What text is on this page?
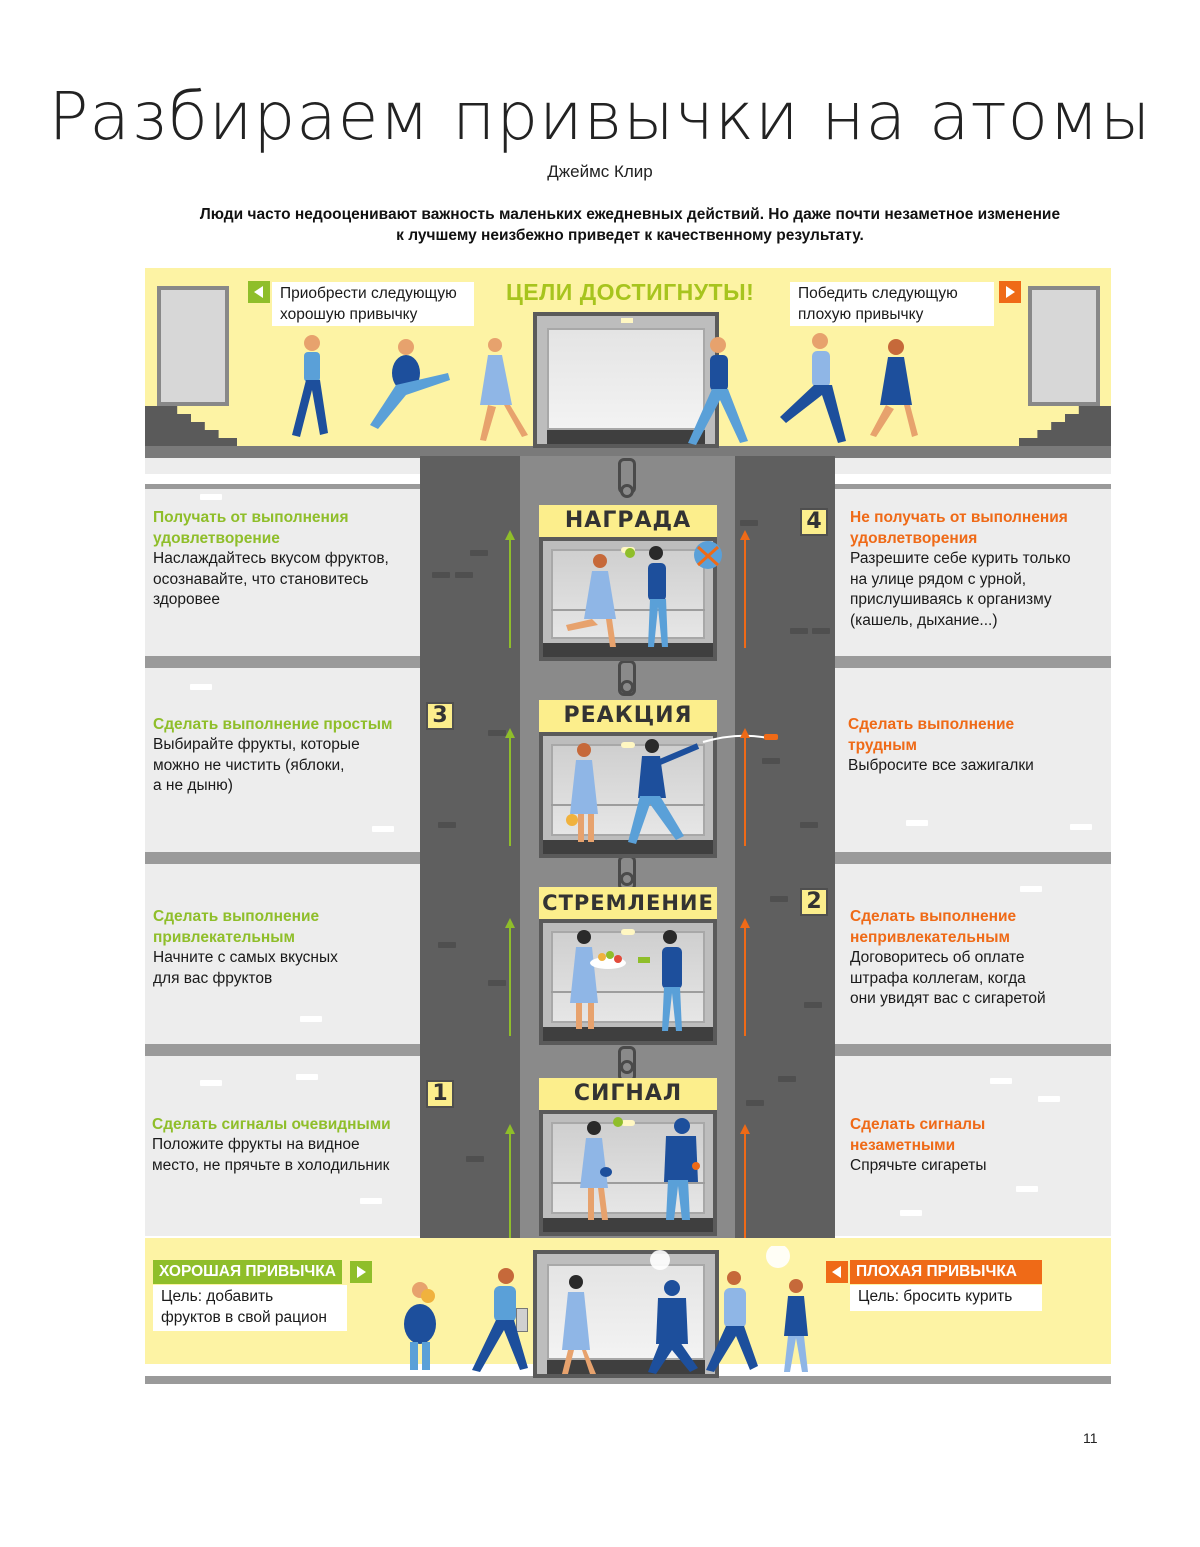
Разбираем привычки на атомы
Джеймс Клир
Люди часто недооценивают важность маленьких ежедневных действий. Но даже почти незаметное изменение
к лучшему неизбежно приведет к качественному результату.
Приобрести следующую
хорошую привычку
ЦЕЛИ ДОСТИГНУТЫ!	Победить следующую
плохую привычку
НАГРАДА	4
Получать от выполнения
удовлетворение
Наслаждайтесь вкусом фруктов,
осознавайте, что становитесь
здоровее
Не получать от выполнения
удовлетворения
Разрешите себе курить только
на улице рядом с урной,
прислушиваясь к организму
(кашель, дыхание...)
РЕАКЦИЯ
3
Сделать выполнение простым
Выбирайте фрукты, которые
можно не чистить (яблоки,
а не дыню)
Сделать выполнение
трудным
Выбросите все зажигалки
СТРЕМЛЕНИЕ	2
Сделать выполнение
привлекательным
Начните с самых вкусных
для вас фруктов
Сделать выполнение
непривлекательным
Договоритесь об оплате
штрафа коллегам, когда
они увидят вас с сигаретой
СИГНАЛ
1
Сделать сигналы очевидными
Положите фрукты на видное
место, не прячьте в холодильник
Сделать сигналы
незаметными
Спрячьте сигареты
ХОРОШАЯ ПРИВЫЧКА
Цель: добавить
фруктов в свой рацион
ПЛОХАЯ ПРИВЫЧКА
Цель: бросить курить
11
